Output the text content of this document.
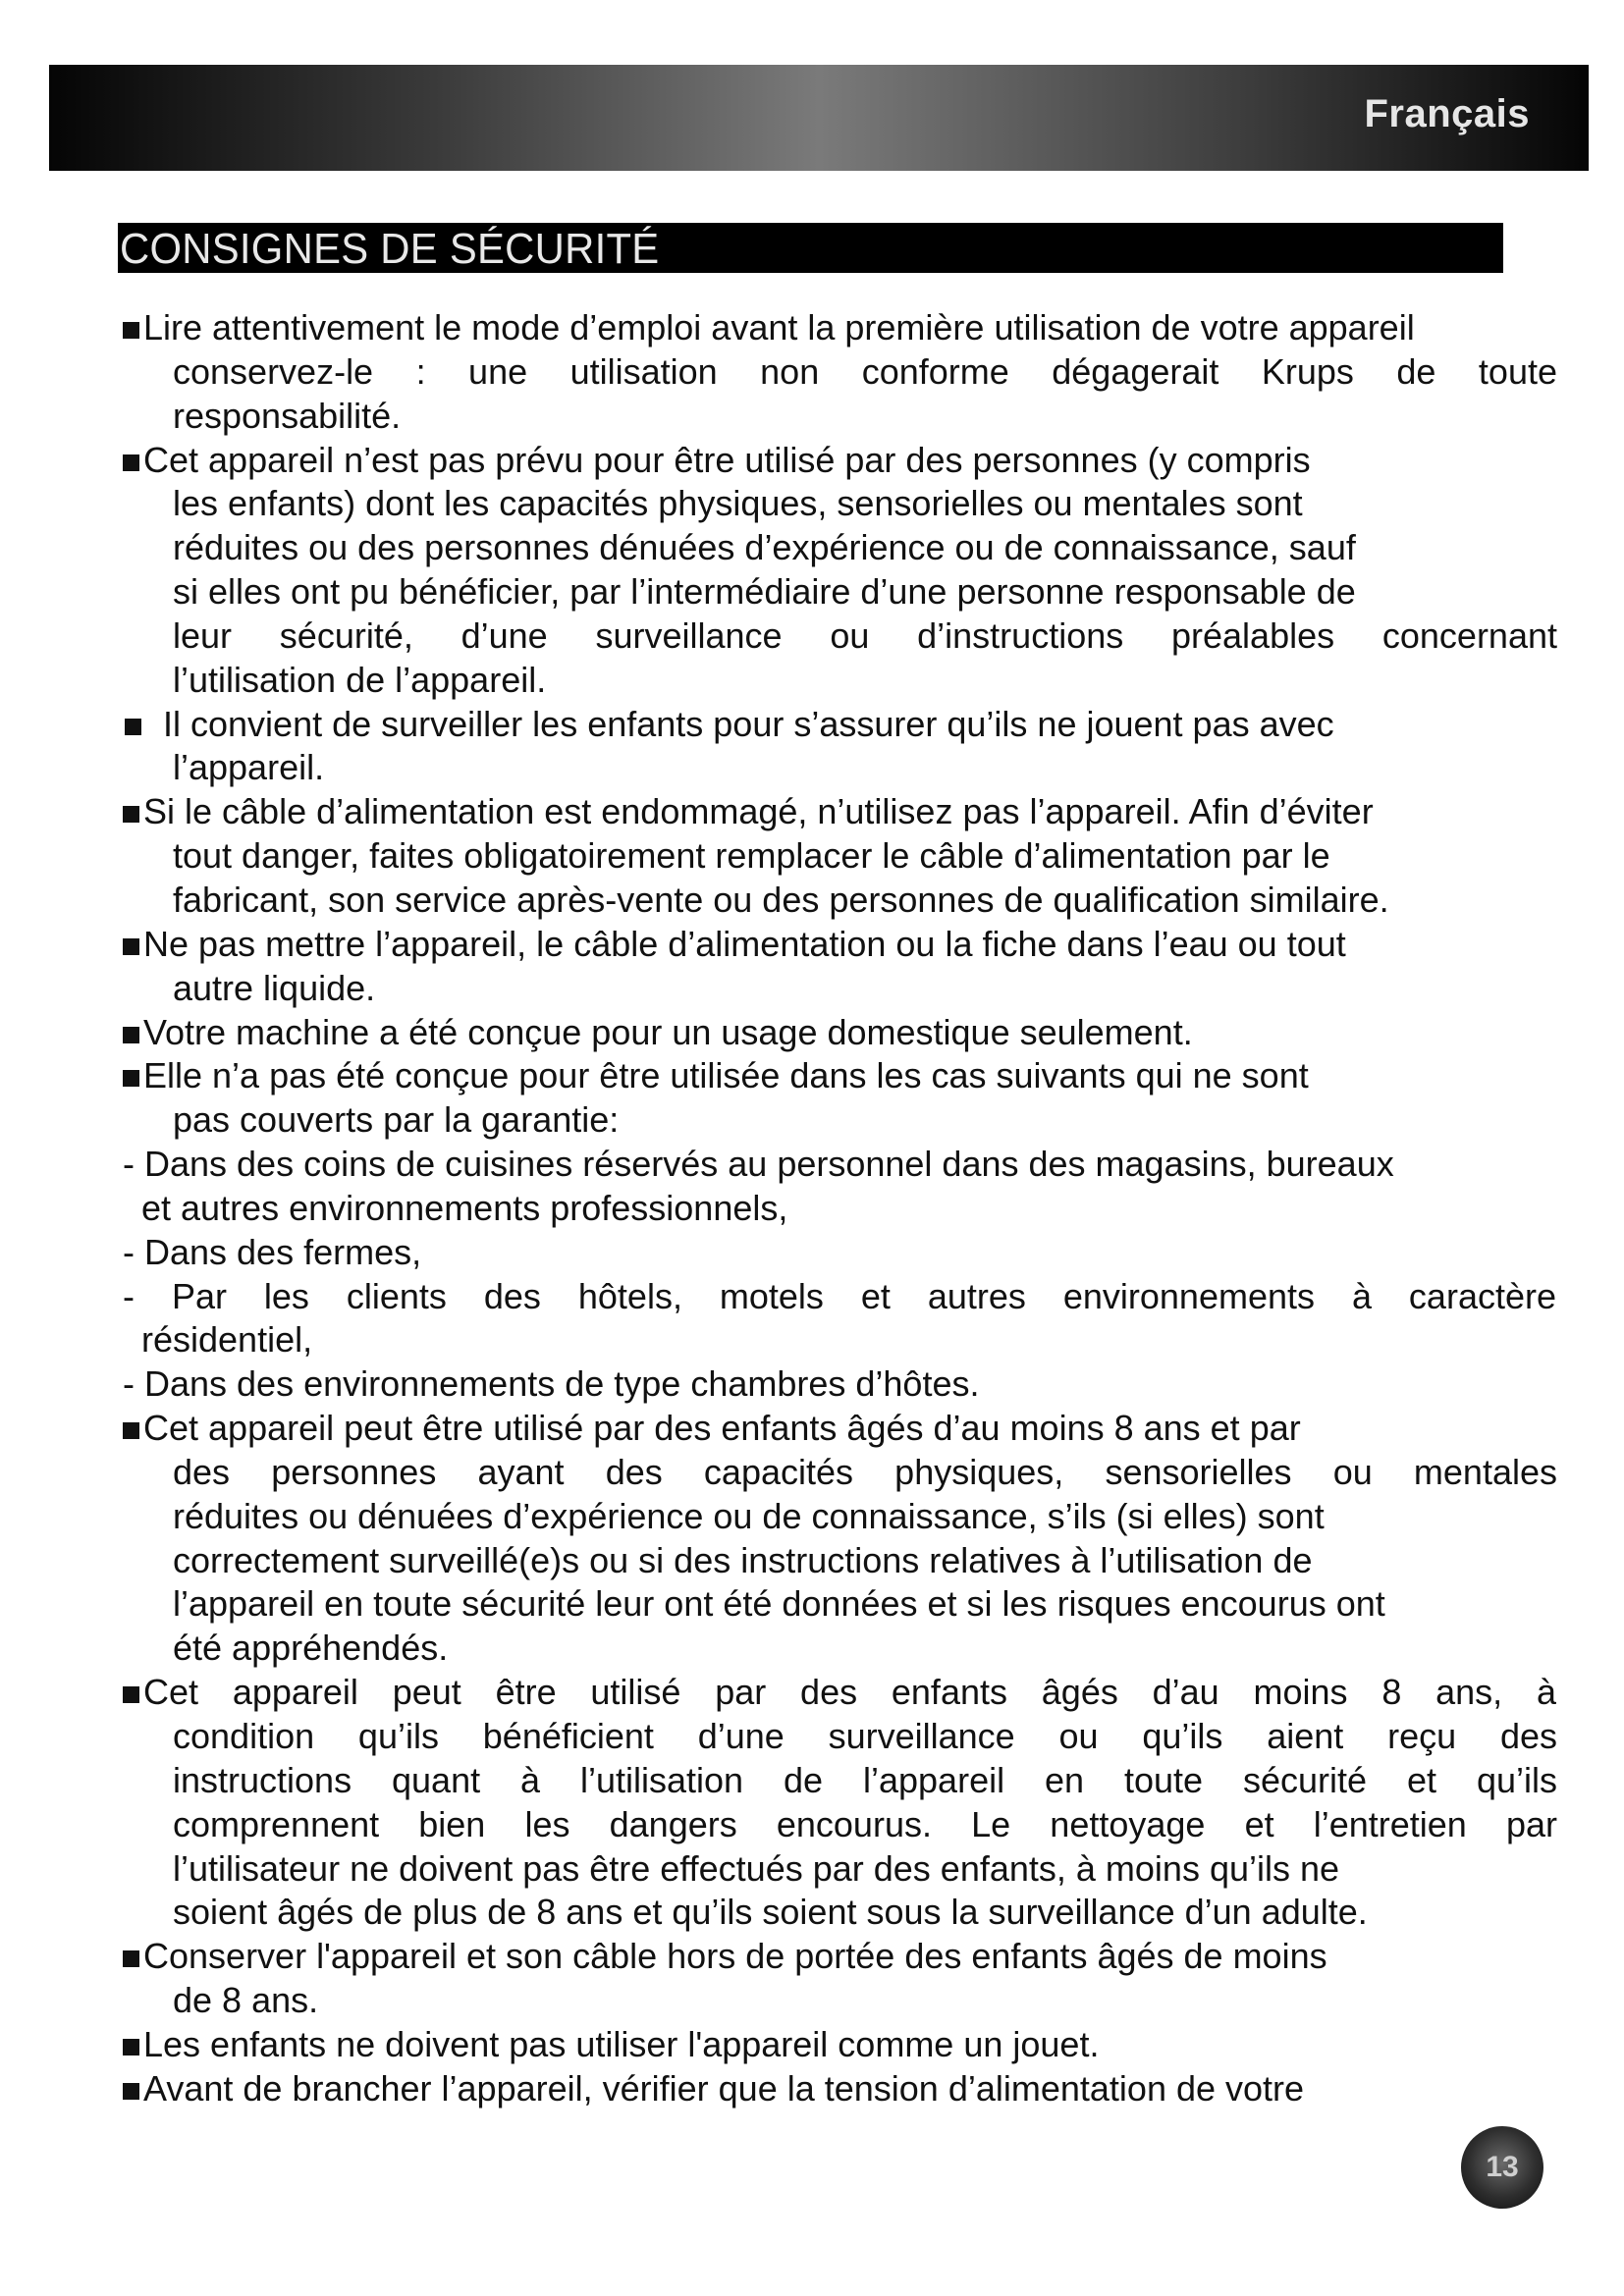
Français
CONSIGNES DE SÉCURITÉ
Lire attentivement le mode d’emploi avant la première utilisation de votre appareil
conservez-le : une utilisation non conforme dégagerait Krups de toute
responsabilité.
Cet appareil n’est pas prévu pour être utilisé par des personnes (y compris
les enfants) dont les capacités physiques, sensorielles ou mentales sont
réduites ou des personnes dénuées d’expérience ou de connaissance, sauf
si elles ont pu bénéficier, par l’intermédiaire d’une personne responsable de
leur sécurité, d’une surveillance ou d’instructions préalables concernant
l’utilisation de l’appareil.
Il convient de surveiller les enfants pour s’assurer qu’ils ne jouent pas avec
l’appareil.
Si le câble d’alimentation est endommagé, n’utilisez pas l’appareil. Afin d’éviter
tout danger, faites obligatoirement remplacer le câble d’alimentation par le
fabricant, son service après-vente ou des personnes de qualification similaire.
Ne pas mettre l’appareil, le câble d’alimentation ou la fiche dans l’eau ou tout
autre liquide.
Votre machine a été conçue pour un usage domestique seulement.
Elle n’a pas été conçue pour être utilisée dans les cas suivants qui ne sont
pas couverts par la garantie:
- Dans des coins de cuisines réservés au personnel dans des magasins, bureaux
et autres environnements professionnels,
- Dans des fermes,
- Par les clients des hôtels, motels et autres environnements à caractère
résidentiel,
- Dans des environnements de type chambres d’hôtes.
Cet appareil peut être utilisé par des enfants âgés d’au moins 8 ans et par
des personnes ayant des capacités physiques, sensorielles ou mentales
réduites ou dénuées d’expérience ou de connaissance, s’ils (si elles) sont
correctement surveillé(e)s ou si des instructions relatives à l’utilisation de
l’appareil en toute sécurité leur ont été données et si les risques encourus ont
été appréhendés.
Cet appareil peut être utilisé par des enfants âgés d’au moins 8 ans, à
condition qu’ils bénéficient d’une surveillance ou qu’ils aient reçu des
instructions quant à l’utilisation de l’appareil en toute sécurité et qu’ils
comprennent bien les dangers encourus. Le nettoyage et l’entretien par
l’utilisateur ne doivent pas être effectués par des enfants, à moins qu’ils ne
soient âgés de plus de 8 ans et qu’ils soient sous la surveillance d’un adulte.
Conserver l'appareil et son câble hors de portée des enfants âgés de moins
de 8 ans.
Les enfants ne doivent pas utiliser l'appareil comme un jouet.
Avant de brancher l’appareil, vérifier que la tension d’alimentation de votre
13
